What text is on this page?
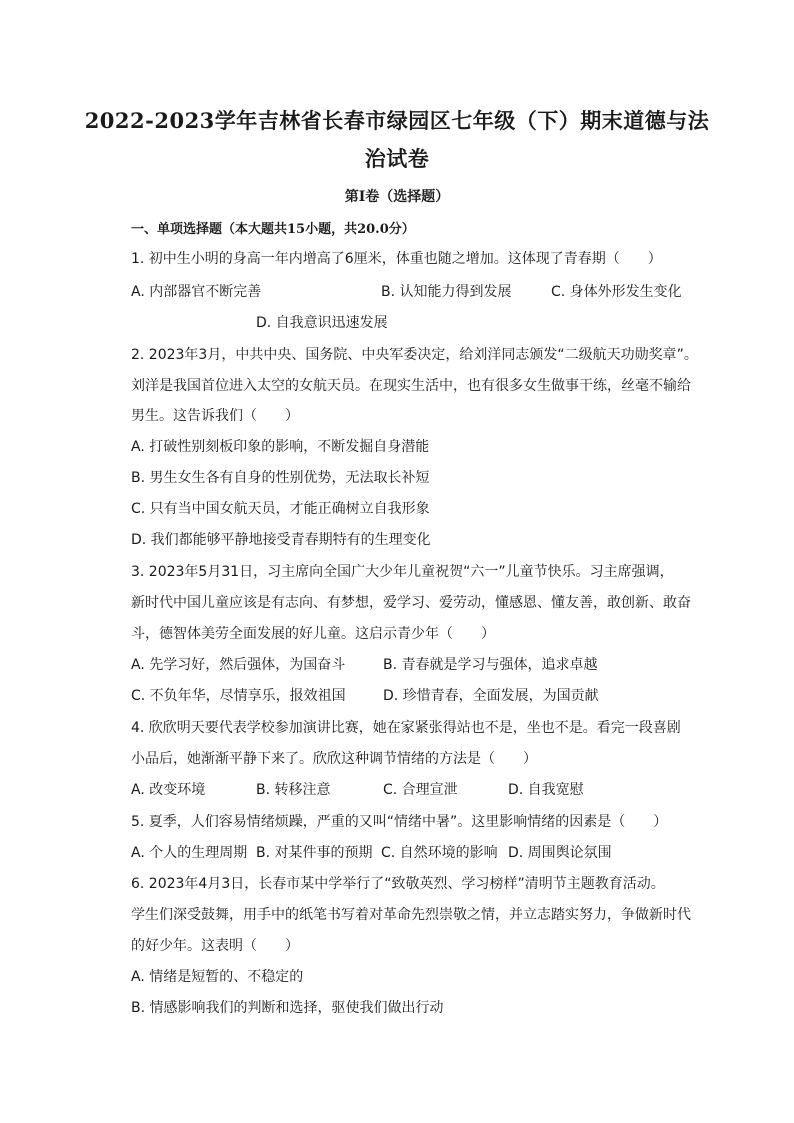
2022-2023学年吉林省长春市绿园区七年级（下）期末道德与法
治试卷
第I卷（选择题）
一、单项选择题（本大题共15小题，共20.0分）
1. 初中生小明的身高一年内增高了6厘米，体重也随之增加。这体现了青春期（　　）
A. 内部器官不断完善	B. 认知能力得到发展	C. 身体外形发生变化
D. 自我意识迅速发展
2. 2023年3月，中共中央、国务院、中央军委决定，给刘洋同志颁发“二级航天功勋奖章”。
刘洋是我国首位进入太空的女航天员。在现实生活中，也有很多女生做事干练，丝毫不输给
男生。这告诉我们（　　）
A. 打破性别刻板印象的影响，不断发掘自身潜能
B. 男生女生各有自身的性别优势，无法取长补短
C. 只有当中国女航天员，才能正确树立自我形象
D. 我们都能够平静地接受青春期特有的生理变化
3. 2023年5月31日，习主席向全国广大少年儿童祝贺“六一”儿童节快乐。习主席强调，
新时代中国儿童应该是有志向、有梦想，爱学习、爱劳动，懂感恩、懂友善，敢创新、敢奋
斗，德智体美劳全面发展的好儿童。这启示青少年（　　）
A. 先学习好，然后强体，为国奋斗	B. 青春就是学习与强体，追求卓越
C. 不负年华，尽情享乐，报效祖国	D. 珍惜青春，全面发展，为国贡献
4. 欣欣明天要代表学校参加演讲比赛，她在家紧张得站也不是，坐也不是。看完一段喜剧
小品后，她渐渐平静下来了。欣欣这种调节情绪的方法是（　　）
A. 改变环境	B. 转移注意	C. 合理宣泄	D. 自我宽慰
5. 夏季，人们容易情绪烦躁，严重的又叫“情绪中暑”。这里影响情绪的因素是（　　）
A. 个人的生理周期 B. 对某件事的预期 C. 自然环境的影响 D. 周围舆论氛围
6. 2023年4月3日，长春市某中学举行了“致敬英烈、学习榜样”清明节主题教育活动。
学生们深受鼓舞，用手中的纸笔书写着对革命先烈崇敬之情，并立志踏实努力，争做新时代
的好少年。这表明（　　）
A. 情绪是短暂的、不稳定的
B. 情感影响我们的判断和选择，驱使我们做出行动
